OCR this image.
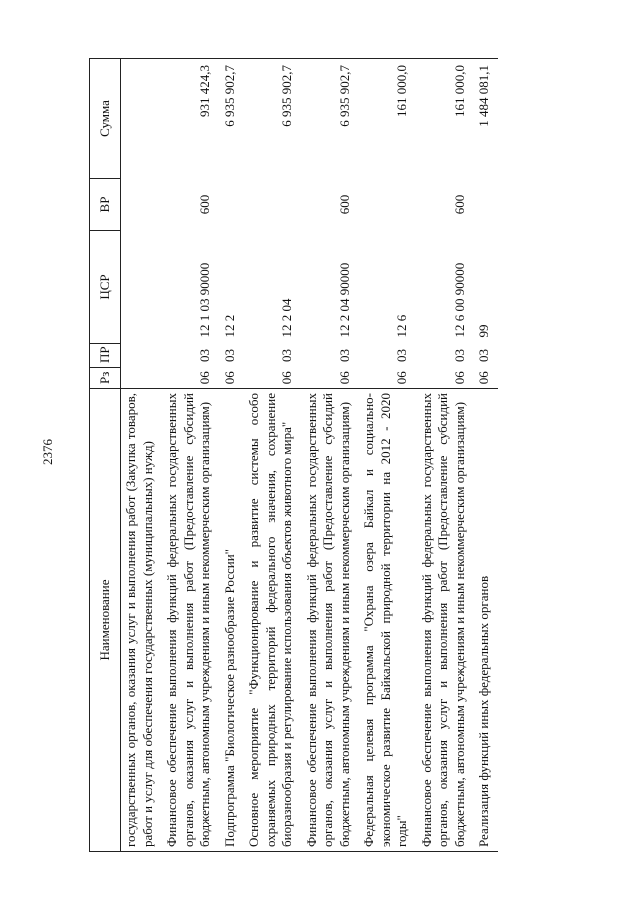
2376
Наименование	Рз	ПР	ЦСР	ВР	Сумма
государственных органов, оказания услуг и выполнения работ (Закупка товаров, работ и услуг для обеспечения государственных (муниципальных) нужд)					
Финансовое обеспечение выполнения функций федеральных государственных органов, оказания услуг и выполнения работ (Предоставление субсидий бюджетным, автономным учреждениям и иным некоммерческим организациям)	06	03	12 1 03 90000	600	931 424,3
Подпрограмма "Биологическое разнообразие России"	06	03	12 2		6 935 902,7
Основное мероприятие "Функционирование и развитие системы особо охраняемых природных территорий федерального значения, сохранение биоразнообразия и регулирование использования объектов животного мира"	06	03	12 2 04		6 935 902,7
Финансовое обеспечение выполнения функций федеральных государственных органов, оказания услуг и выполнения работ (Предоставление субсидий бюджетным, автономным учреждениям и иным некоммерческим организациям)	06	03	12 2 04 90000	600	6 935 902,7
Федеральная целевая программа "Охрана озера Байкал и социально-экономическое развитие Байкальской природной территории на 2012 - 2020 годы"	06	03	12 6		161 000,0
Финансовое обеспечение выполнения функций федеральных государственных органов, оказания услуг и выполнения работ (Предоставление субсидий бюджетным, автономным учреждениям и иным некоммерческим организациям)	06	03	12 6 00 90000	600	161 000,0
Реализация функций иных федеральных органов	06	03	99		1 484 081,1
